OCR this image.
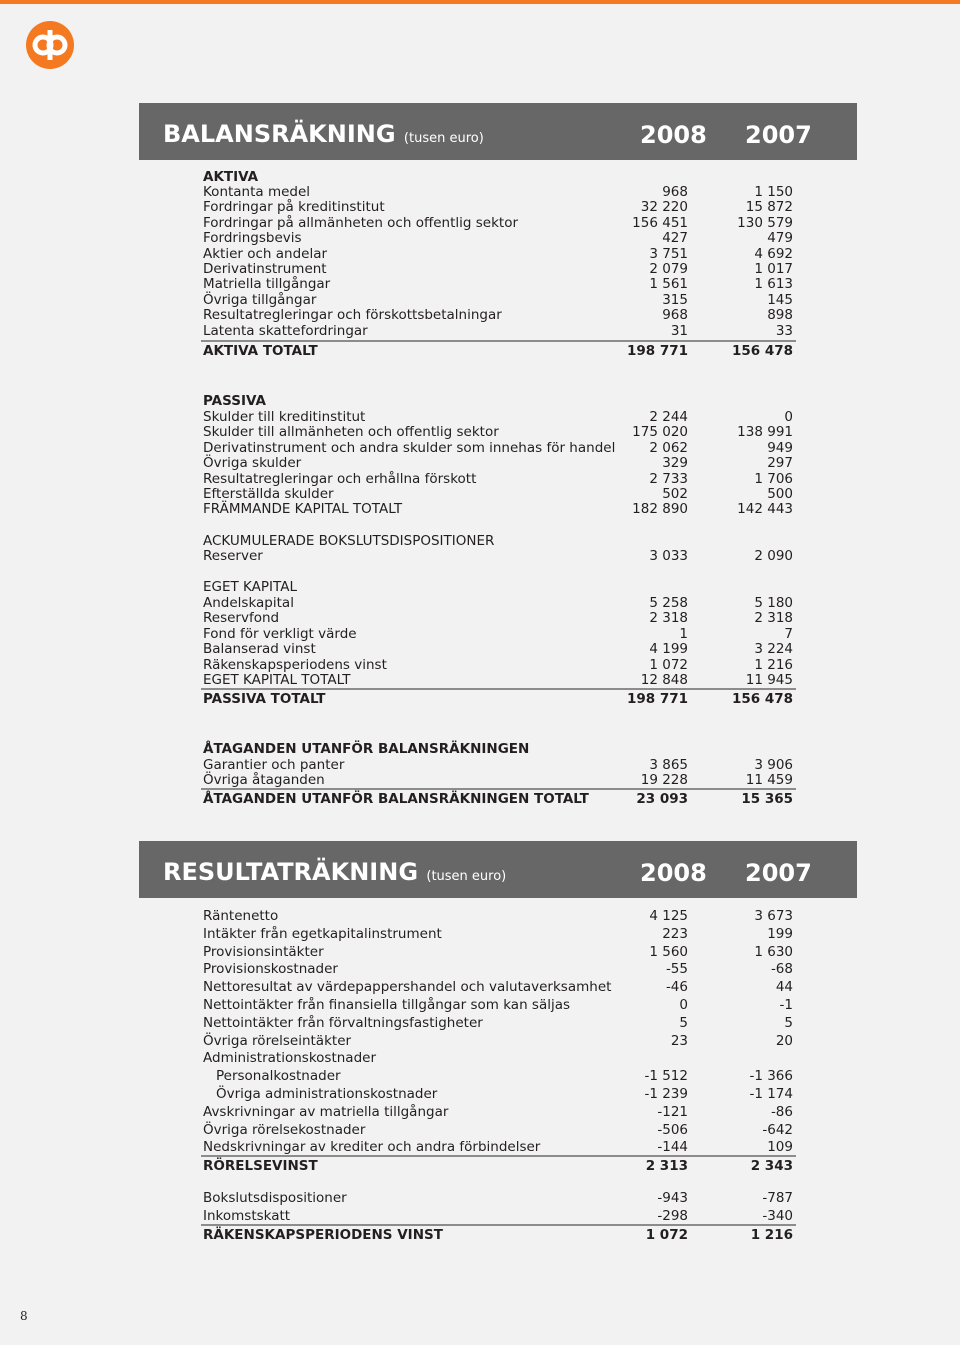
BALANSRÄKNING (tusen euro)	2008 2007
AKTIVA
Kontanta medel	968	1 150
Fordringar på kreditinstitut	32 220	15 872
Fordringar på allmänheten och offentlig sektor	156 451	130 579
Fordringsbevis	427	479
Aktier och andelar	3 751	4 692
Derivatinstrument	2 079	1 017
Matriella tillgångar	1 561	1 613
Övriga tillgångar	315	145
Resultatregleringar och förskottsbetalningar	968	898
Latenta skattefordringar	31	33
AKTIVA TOTALT	198 771	156 478
PASSIVA
Skulder till kreditinstitut	2 244	0
Skulder till allmänheten och offentlig sektor	175 020	138 991
Derivatinstrument och andra skulder som innehas för handel	2 062	949
Övriga skulder	329	297
Resultatregleringar och erhållna förskott	2 733	1 706
Efterställda skulder	502	500
FRÄMMANDE KAPITAL TOTALT	182 890	142 443
ACKUMULERADE BOKSLUTSDISPOSITIONER
Reserver	3 033	2 090
EGET KAPITAL
Andelskapital	5 258	5 180
Reservfond	2 318	2 318
Fond för verkligt värde	1	7
Balanserad vinst	4 199	3 224
Räkenskapsperiodens vinst	1 072	1 216
EGET KAPITAL TOTALT	12 848	11 945
PASSIVA TOTALT	198 771	156 478
ÅTAGANDEN UTANFÖR BALANSRÄKNINGEN
Garantier och panter	3 865	3 906
Övriga åtaganden	19 228	11 459
ÅTAGANDEN UTANFÖR BALANSRÄKNINGEN TOTALT	23 093	15 365
RESULTATRÄKNING (tusen euro)	2008 2007
Räntenetto	4 125	3 673
Intäkter från egetkapitalinstrument	223	199
Provisionsintäkter	1 560	1 630
Provisionskostnader	-55	-68
Nettoresultat av värdepappershandel och valutaverksamhet	-46	44
Nettointäkter från finansiella tillgångar som kan säljas	0	-1
Nettointäkter från förvaltningsfastigheter	5	5
Övriga rörelseintäkter	23	20
Administrationskostnader
Personalkostnader	-1 512	-1 366
Övriga administrationskostnader	-1 239	-1 174
Avskrivningar av matriella tillgångar	-121	-86
Övriga rörelsekostnader	-506	-642
Nedskrivningar av krediter och andra förbindelser	-144	109
RÖRELSEVINST	2 313	2 343
Bokslutsdispositioner	-943	-787
Inkomstskatt	-298	-340
RÄKENSKAPSPERIODENS VINST	1 072	1 216
8
